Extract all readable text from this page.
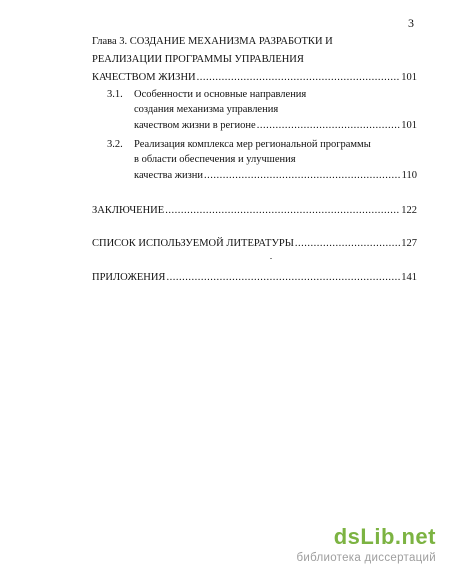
3
Глава 3. СОЗДАНИЕ МЕХАНИЗМА РАЗРАБОТКИ И
РЕАЛИЗАЦИИ ПРОГРАММЫ УПРАВЛЕНИЯ
КАЧЕСТВОМ ЖИЗНИ .....	101
3.1. Особенности и основные направления
создания механизма управления
качеством жизни в регионе .....	101
3.2. Реализация комплекса мер региональной программы
в области обеспечения и улучшения
качества жизни .....	110
ЗАКЛЮЧЕНИЕ .....	122
СПИСОК ИСПОЛЬЗУЕМОЙ ЛИТЕРАТУРЫ .....	127
ПРИЛОЖЕНИЯ .....	141
dsLib.net
библиотека диссертаций
